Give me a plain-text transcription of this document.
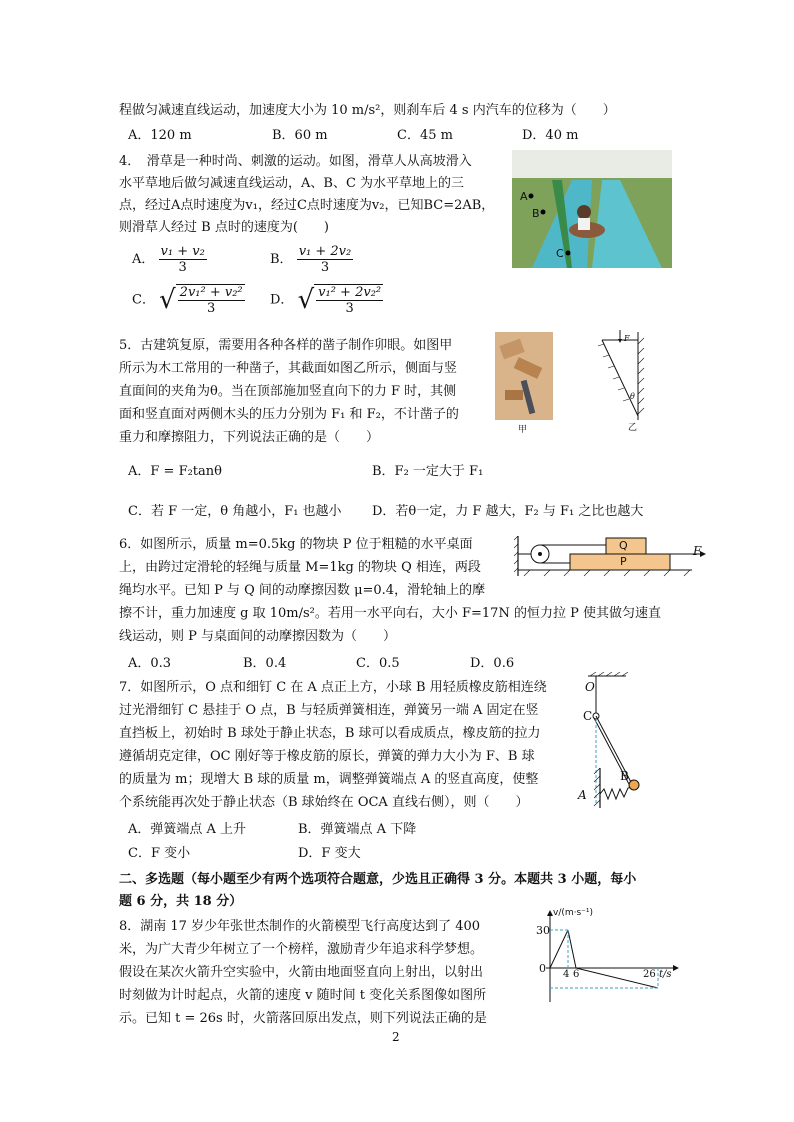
程做匀减速直线运动，加速度大小为 10 m/s²，则刹车后 4 s 内汽车的位移为（　　）
A．120 m	B．60 m	C．45 m	D．40 m
4．　滑草是一种时尚、刺激的运动。如图，滑草人从高坡滑入
水平草地后做匀减速直线运动，A、B、C 为水平草地上的三
点，经过A点时速度为v₁，经过C点时速度为v₂，已知BC=2AB，
则滑草人经过 B 点时的速度为(　　)
A． $\frac{\text{v₁ + v₂}}{3}$	B． $\frac{\text{v₁ + 2v₂}}{3}$
C． √ $\frac{\text{2v₁² + v₂²}}{3}$ D． √ $\frac{\text{v₁² + 2v₂²}}{3}$
A
B
C
5．古建筑复原，需要用各种各样的凿子制作卯眼。如图甲
所示为木工常用的一种凿子，其截面如图乙所示，侧面与竖
直面间的夹角为θ。当在顶部施加竖直向下的力 F 时，其侧
面和竖直面对两侧木头的压力分别为 F₁ 和 F₂，不计凿子的
重力和摩擦阻力，下列说法正确的是（　　）
A．F = F₂tanθ	B．F₂ 一定大于 F₁
C．若 F 一定，θ 角越小，F₁ 也越小 D．若θ一定，力 F 越大，F₂ 与 F₁ 之比也越大
甲
F
θ
乙
6．如图所示，质量 m=0.5kg 的物块 P 位于粗糙的水平桌面
上，由跨过定滑轮的轻绳与质量 M=1kg 的物块 Q 相连，两段
绳均水平。已知 P 与 Q 间的动摩擦因数 μ=0.4，滑轮轴上的摩
擦不计，重力加速度 g 取 10m/s²。若用一水平向右，大小 F=17N 的恒力拉 P 使其做匀速直
线运动，则 P 与桌面间的动摩擦因数为（　　）
A．0.3	B．0.4	C．0.5	D．0.6
Q
P
F
7．如图所示，O 点和细钉 C 在 A 点正上方，小球 B 用轻质橡皮筋相连绕
过光滑细钉 C 悬挂于 O 点，B 与轻质弹簧相连，弹簧另一端 A 固定在竖
直挡板上，初始时 B 球处于静止状态，B 球可以看成质点，橡皮筋的拉力
遵循胡克定律，OC 刚好等于橡皮筋的原长，弹簧的弹力大小为 F、B 球
的质量为 m；现增大 B 球的质量 m，调整弹簧端点 A 的竖直高度，使整
个系统能再次处于静止状态（B 球始终在 OCA 直线右侧），则（　　）
A．弹簧端点 A 上升	B．弹簧端点 A 下降
C．F 变小	D．F 变大
O
C
B
A
二、多选题（每小题至少有两个选项符合题意，少选且正确得 3 分。本题共 3 小题，每小
题 6 分，共 18 分）
8．湖南 17 岁少年张世杰制作的火箭模型飞行高度达到了 400
米，为广大青少年树立了一个榜样，激励青少年追求科学梦想。
假设在某次火箭升空实验中，火箭由地面竖直向上射出，以射出
时刻做为计时起点，火箭的速度 v 随时间 t 变化关系图像如图所
示。已知 t = 26s 时，火箭落回原出发点，则下列说法正确的是
v/(m·s⁻¹)
30
0 4 6	26 t/s
2
